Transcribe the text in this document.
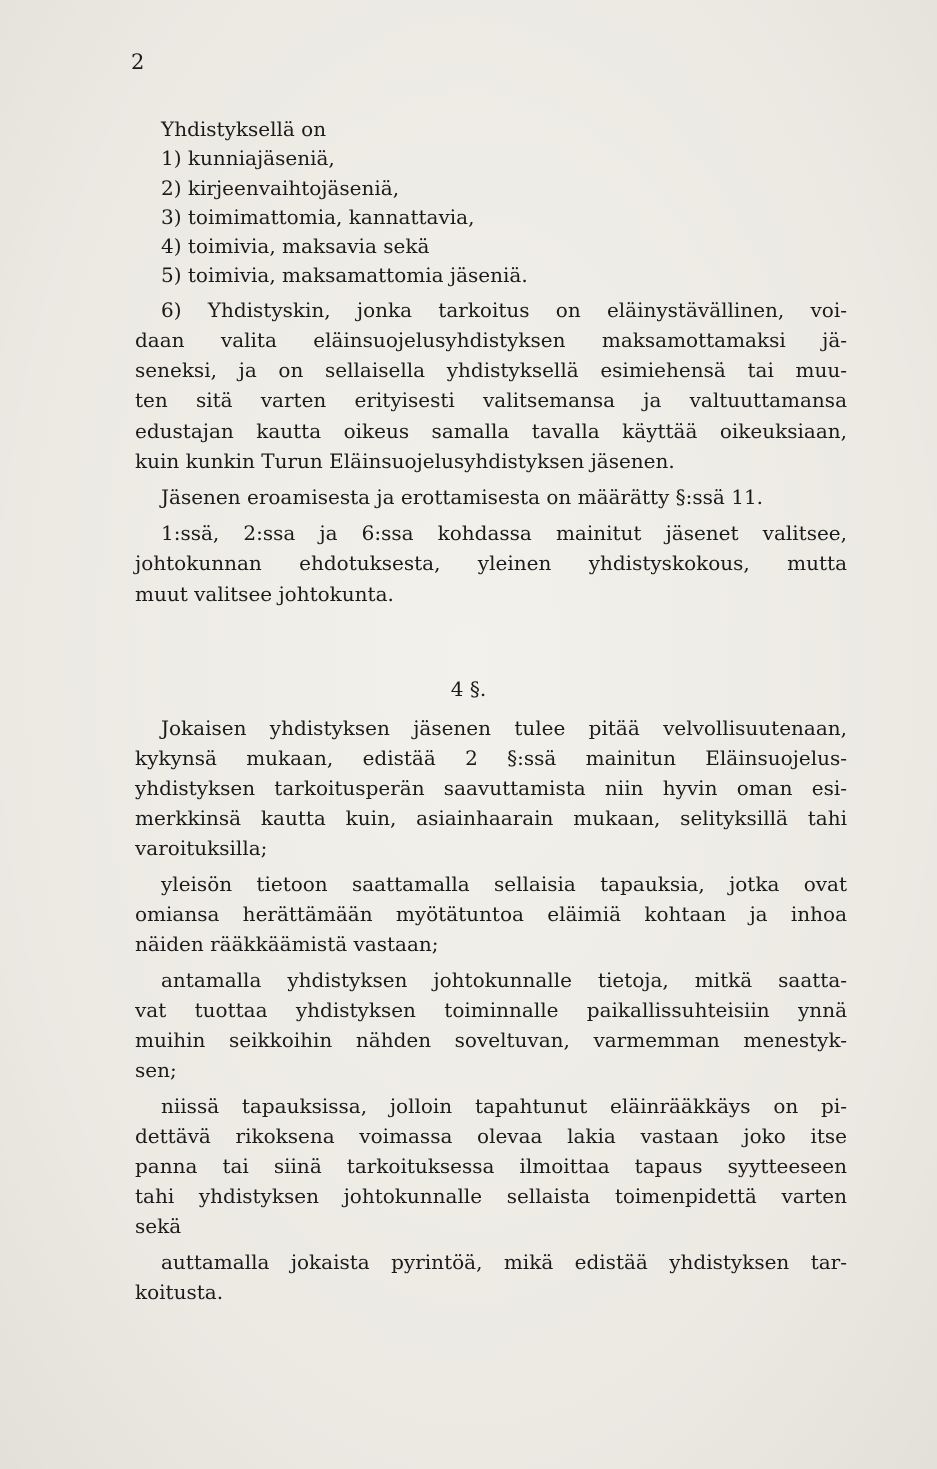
2
Yhdistyksellä on
1) kunniajäseniä,
2) kirjeenvaihtojäseniä,
3) toimimattomia, kannattavia,
4) toimivia, maksavia sekä
5) toimivia, maksamattomia jäseniä.
6) Yhdistyskin, jonka tarkoitus on eläinystävällinen, voi-
daan valita eläinsuojelusyhdistyksen maksamottamaksi jä-
seneksi, ja on sellaisella yhdistyksellä esimiehensä tai muu-
ten sitä varten erityisesti valitsemansa ja valtuuttamansa
edustajan kautta oikeus samalla tavalla käyttää oikeuksiaan,
kuin kunkin Turun Eläinsuojelusyhdistyksen jäsenen.
Jäsenen eroamisesta ja erottamisesta on määrätty §:ssä 11.
1:ssä, 2:ssa ja 6:ssa kohdassa mainitut jäsenet valitsee,
johtokunnan ehdotuksesta, yleinen yhdistyskokous, mutta
muut valitsee johtokunta.
4 §.
Jokaisen yhdistyksen jäsenen tulee pitää velvollisuutenaan,
kykynsä mukaan, edistää 2 §:ssä mainitun Eläinsuojelus-
yhdistyksen tarkoitusperän saavuttamista niin hyvin oman esi-
merkkinsä kautta kuin, asiainhaarain mukaan, selityksillä tahi
varoituksilla;
yleisön tietoon saattamalla sellaisia tapauksia, jotka ovat
omiansa herättämään myötätuntoa eläimiä kohtaan ja inhoa
näiden rääkkäämistä vastaan;
antamalla yhdistyksen johtokunnalle tietoja, mitkä saatta-
vat tuottaa yhdistyksen toiminnalle paikallissuhteisiin ynnä
muihin seikkoihin nähden soveltuvan, varmemman menestyk-
sen;
niissä tapauksissa, jolloin tapahtunut eläinrääkkäys on pi-
dettävä rikoksena voimassa olevaa lakia vastaan joko itse
panna tai siinä tarkoituksessa ilmoittaa tapaus syytteeseen
tahi yhdistyksen johtokunnalle sellaista toimenpidettä varten
sekä
auttamalla jokaista pyrintöä, mikä edistää yhdistyksen tar-
koitusta.
